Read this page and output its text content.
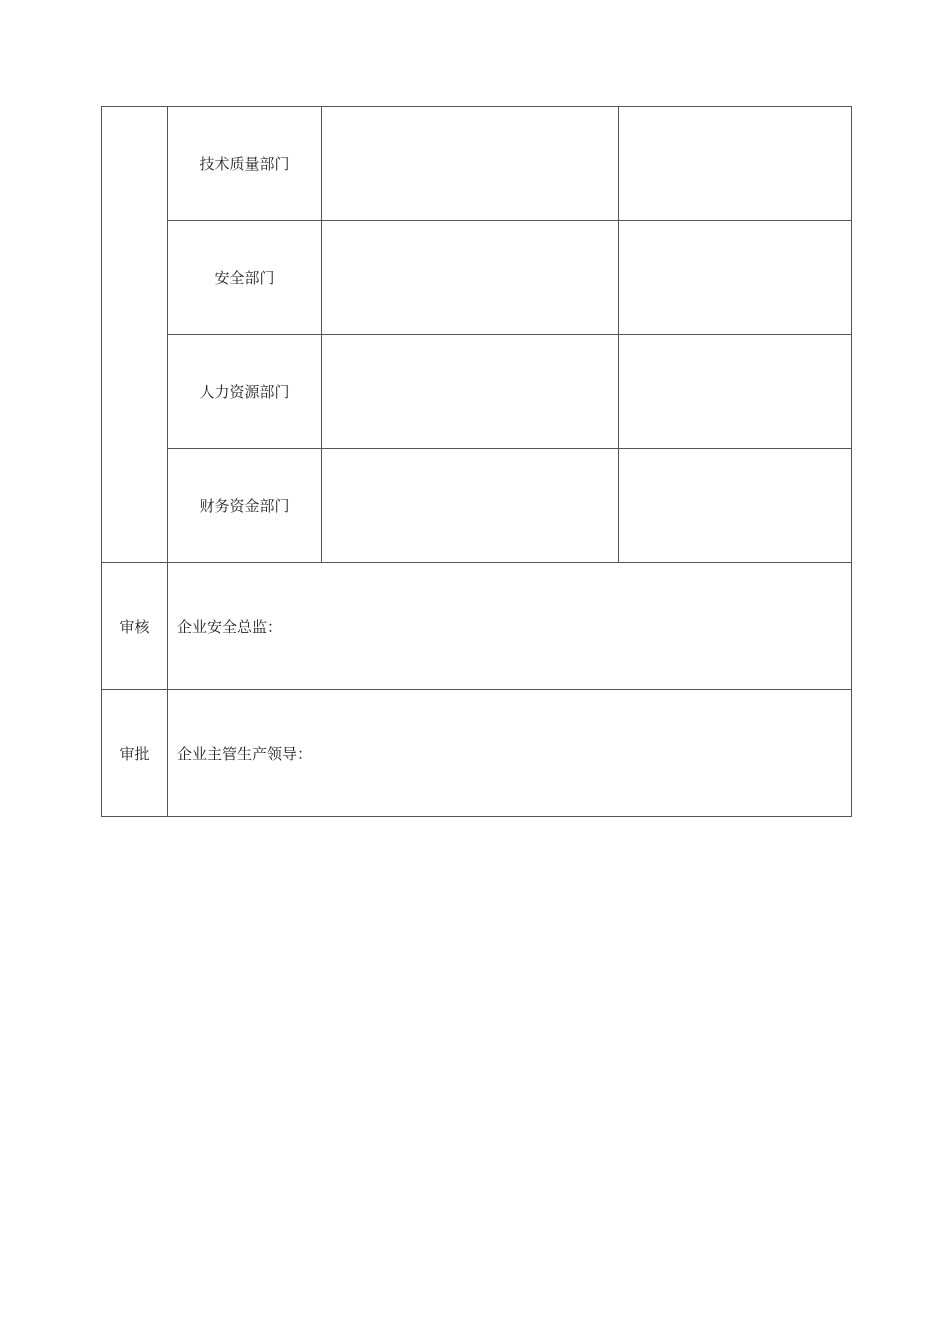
	技术质量部门		
	安全部门		
	人力资源部门		
	财务资金部门		
审核	企业安全总监：		
审批	企业主管生产领导：		
